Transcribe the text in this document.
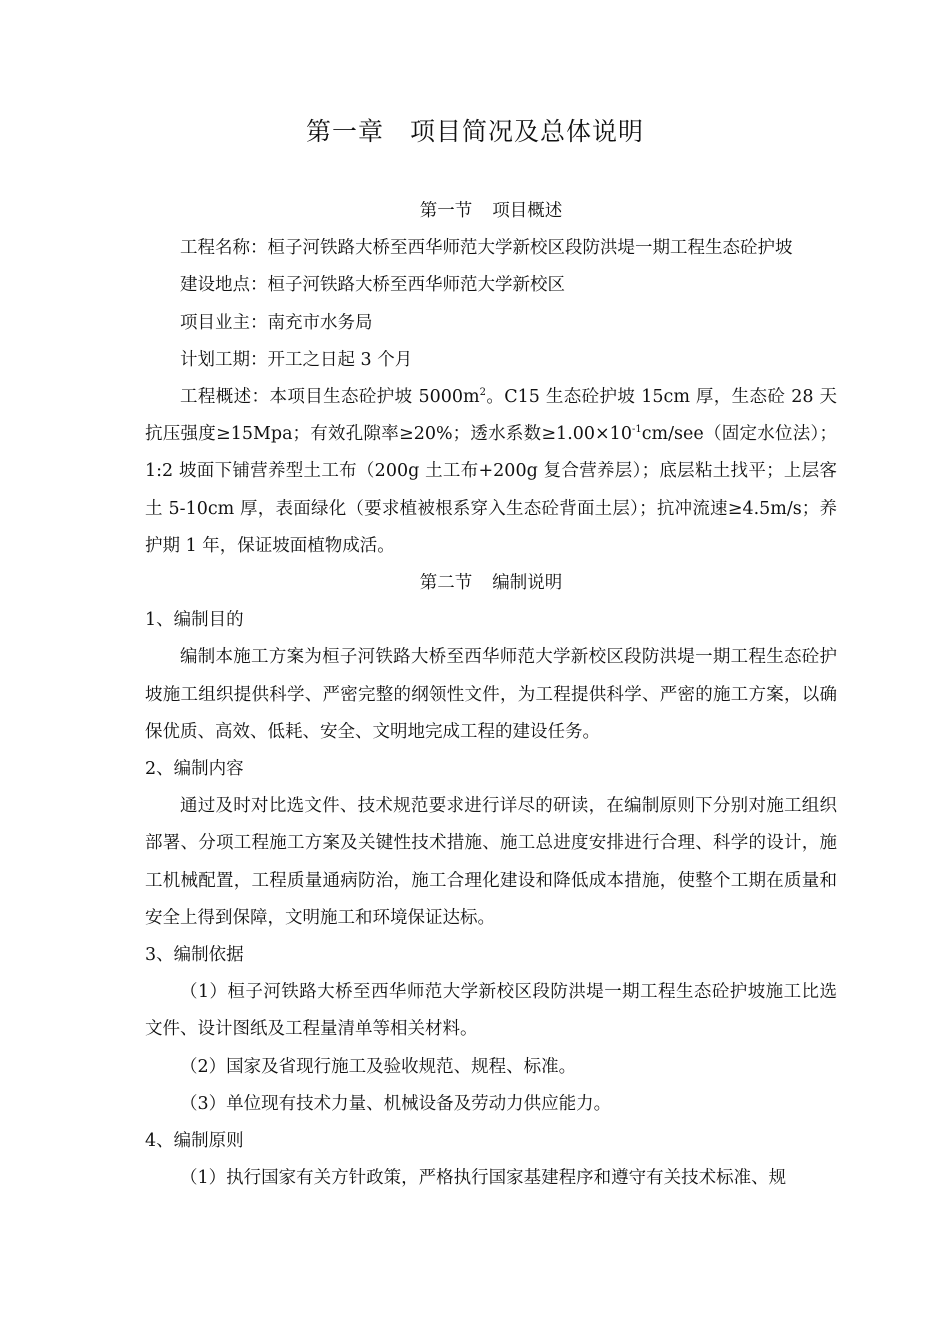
第一章 项目简况及总体说明

第一节 项目概述

工程名称：桓子河铁路大桥至西华师范大学新校区段防洪堤一期工程生态砼护坡

建设地点：桓子河铁路大桥至西华师范大学新校区

项目业主：南充市水务局

计划工期：开工之日起 3 个月

工程概述：本项目生态砼护坡 $5000m^2$。C15 生态砼护坡 15cm 厚，生态砼 28 天抗压强度≥15Mpa；有效孔隙率≥20%；透水系数$\ge 1.00\times 10^{-1}cm/see$（固定水位法）；1:2 坡面下铺营养型土工布（200g 土工布+200g 复合营养层）；底层粘土找平；上层客土 5-10cm 厚，表面绿化（要求植被根系穿入生态砼背面土层）；抗冲流速≥4.5m/s；养护期 1 年，保证坡面植物成活。

第二节 编制说明

1、编制目的

编制本施工方案为桓子河铁路大桥至西华师范大学新校区段防洪堤一期工程生态砼护坡施工组织提供科学、严密完整的纲领性文件，为工程提供科学、严密的施工方案，以确保优质、高效、低耗、安全、文明地完成工程的建设任务。

2、编制内容

通过及时对比选文件、技术规范要求进行详尽的研读，在编制原则下分别对施工组织部署、分项工程施工方案及关键性技术措施、施工总进度安排进行合理、科学的设计，施工机械配置，工程质量通病防治，施工合理化建设和降低成本措施，使整个工期在质量和安全上得到保障，文明施工和环境保证达标。

3、编制依据

（1）桓子河铁路大桥至西华师范大学新校区段防洪堤一期工程生态砼护坡施工比选文件、设计图纸及工程量清单等相关材料。

（2）国家及省现行施工及验收规范、规程、标准。

（3）单位现有技术力量、机械设备及劳动力供应能力。

4、编制原则

（1）执行国家有关方针政策，严格执行国家基建程序和遵守有关技术标准、规
